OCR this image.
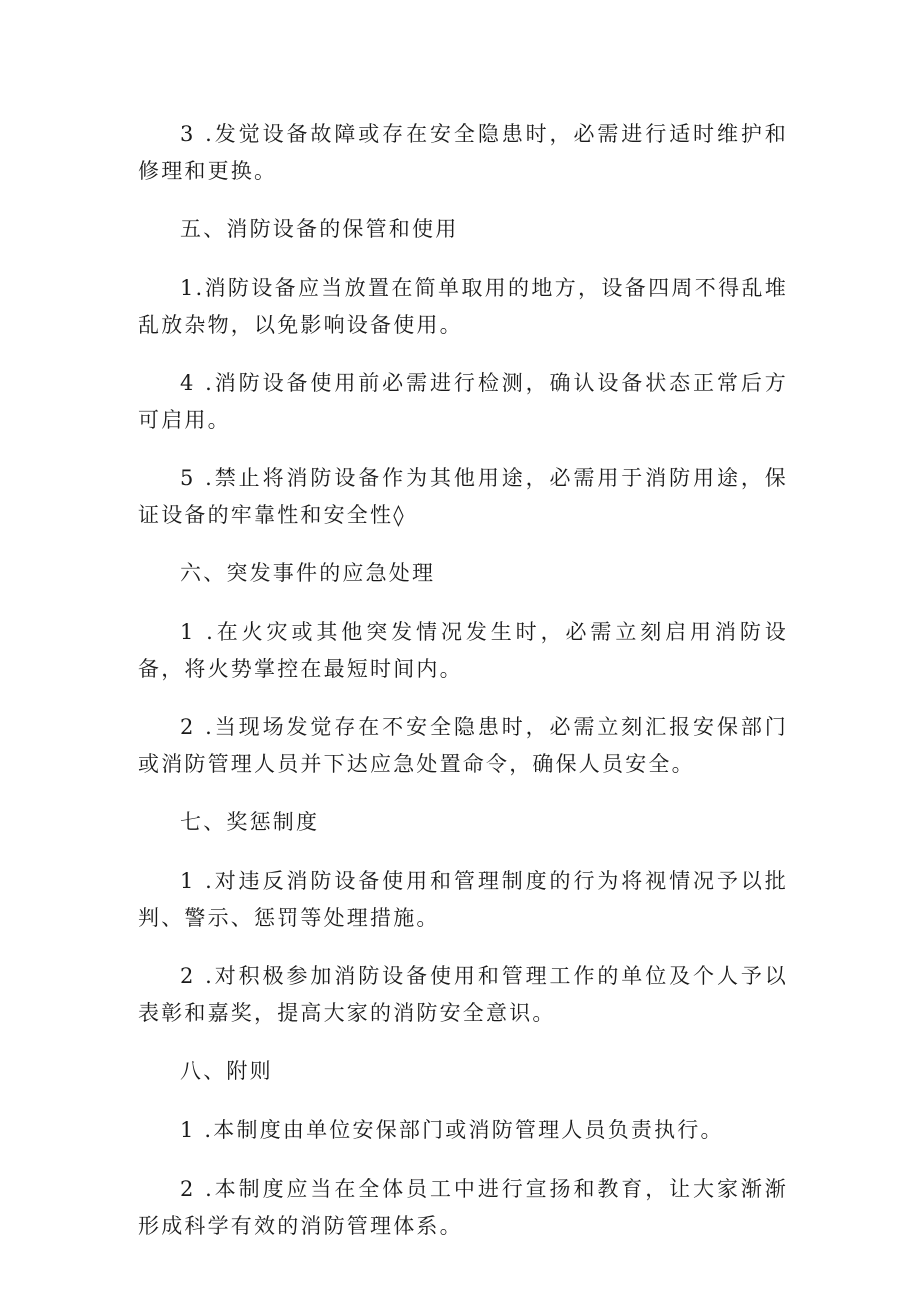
3 .发觉设备故障或存在安全隐患时，必需进行适时维护和修理和更换。

五、消防设备的保管和使用

1.消防设备应当放置在简单取用的地方，设备四周不得乱堆乱放杂物，以免影响设备使用。

4 .消防设备使用前必需进行检测，确认设备状态正常后方可启用。

5 .禁止将消防设备作为其他用途，必需用于消防用途，保证设备的牢靠性和安全性◊

六、突发事件的应急处理

1 .在火灾或其他突发情况发生时，必需立刻启用消防设备，将火势掌控在最短时间内。

2 .当现场发觉存在不安全隐患时，必需立刻汇报安保部门或消防管理人员并下达应急处置命令，确保人员安全。

七、奖惩制度

1 .对违反消防设备使用和管理制度的行为将视情况予以批判、警示、惩罚等处理措施。

2 .对积极参加消防设备使用和管理工作的单位及个人予以表彰和嘉奖，提高大家的消防安全意识。

八、附则

1 .本制度由单位安保部门或消防管理人员负责执行。

2 .本制度应当在全体员工中进行宣扬和教育，让大家渐渐形成科学有效的消防管理体系。
